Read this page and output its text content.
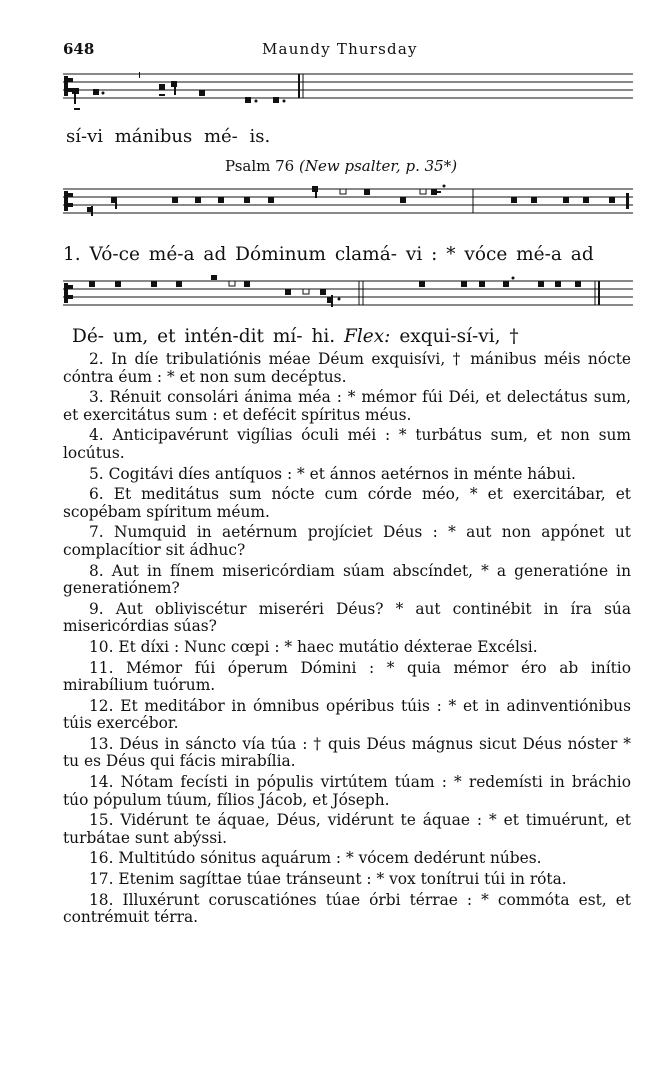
648	Maundy Thursday
sí-vi mánibus mé- is.
Psalm 76 (New psalter, p. 35*)
1. Vó-ce mé-a ad Dóminum clamá- vi : * vóce mé-a ad
Dé- um, et intén-dit mí- hi. Flex: exqui-sí-vi, †

2. In díe tribulatiónis méae Déum exquisívi, † mánibus méis nócte cóntra éum : * et non sum decéptus.

3. Rénuit consolári ánima méa : * mémor fúi Déi, et delectátus sum, et exercitátus sum : et defécit spíritus méus.

4. Anticipavérunt vigílias óculi méi : * turbátus sum, et non sum locútus.

5. Cogitávi díes antíquos : * et ánnos aetérnos in ménte hábui.

6. Et meditátus sum nócte cum córde méo, * et exercitábar, et scopébam spíritum méum.

7. Numquid in aetérnum projíciet Déus : * aut non appónet ut complacítior sit ádhuc?

8. Aut in fínem misericórdiam súam abscíndet, * a generatióne in generatiónem?

9. Aut obliviscétur miseréri Déus? * aut continébit in íra súa misericórdias súas?

10. Et díxi : Nunc cœpi : * haec mutátio déxterae Excélsi.

11. Mémor fúi óperum Dómini : * quia mémor éro ab inítio mirabílium tuórum.

12. Et meditábor in ómnibus opéribus túis : * et in adinventiónibus túis exercébor.

13. Déus in sáncto vía túa : † quis Déus mágnus sicut Déus nóster * tu es Déus qui fácis mirabília.

14. Nótam fecísti in pópulis virtútem túam : * redemísti in bráchio túo pópulum túum, fílios Jácob, et Jóseph.

15. Vidérunt te áquae, Déus, vidérunt te áquae : * et timuérunt, et turbátae sunt abýssi.

16. Multitúdo sónitus aquárum : * vócem dedérunt núbes.

17. Etenim sagíttae túae tránseunt : * vox tonítrui túi in róta.

18. Illuxérunt coruscatiónes túae órbi térrae : * commóta est, et contrémuit térra.
